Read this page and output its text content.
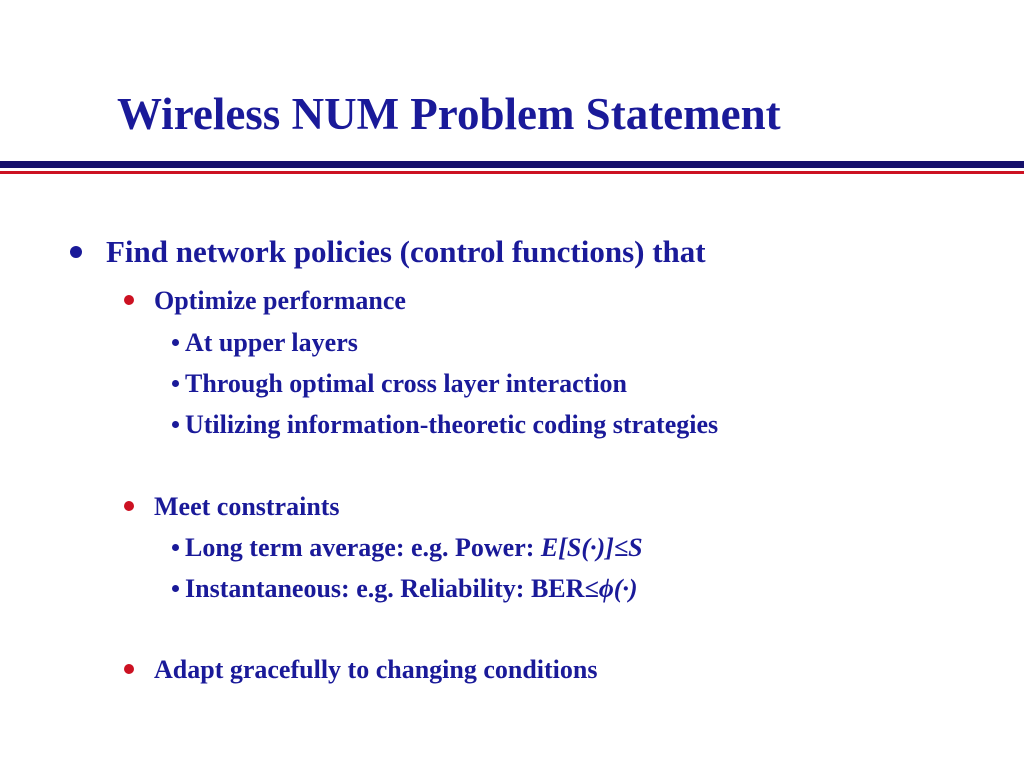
Wireless NUM Problem Statement
Find network policies (control functions) that
Optimize performance
At upper layers
Through optimal cross layer interaction
Utilizing information-theoretic coding strategies
Meet constraints
Long term average: e.g. Power: E[S(·)]≤S
Instantaneous: e.g. Reliability: BER≤ϕ(·)
Adapt gracefully to changing conditions
